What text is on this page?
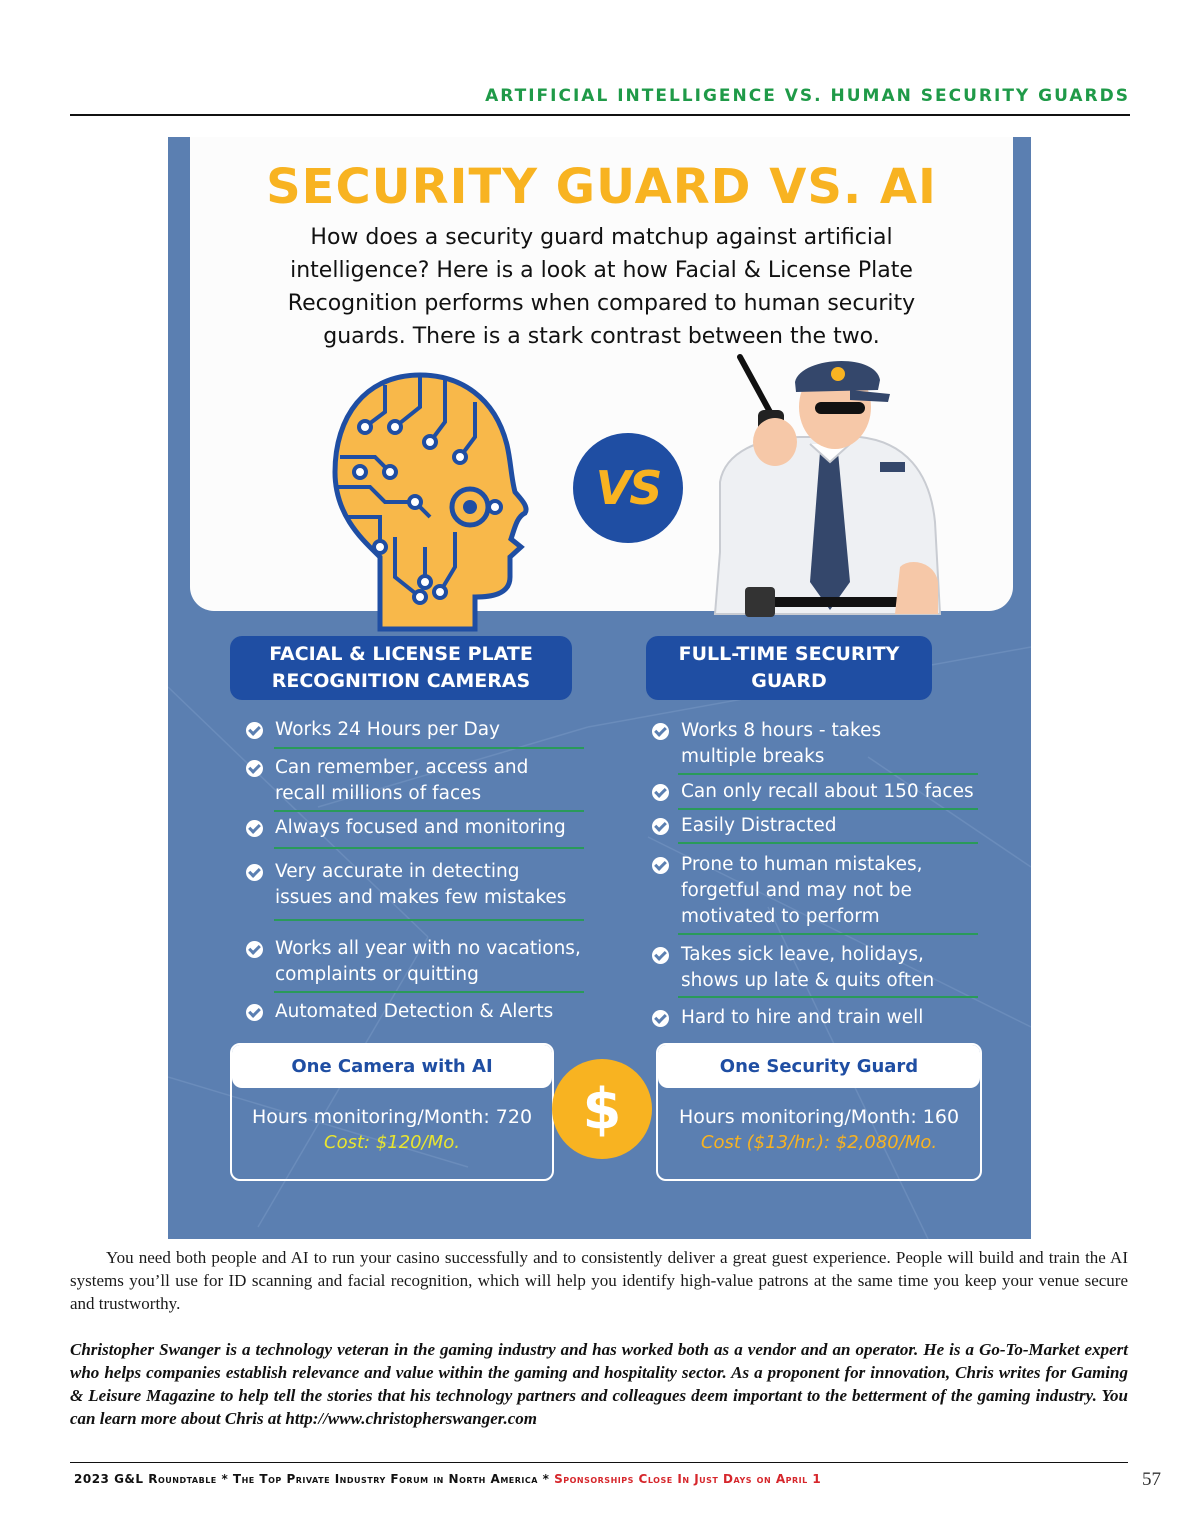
ARTIFICIAL INTELLIGENCE VS. HUMAN SECURITY GUARDS
SECURITY GUARD VS. AI
How does a security guard matchup against artificial intelligence? Here is a look at how Facial & License Plate Recognition performs when compared to human security guards. There is a stark contrast between the two.
VS
FACIAL & LICENSE PLATE
RECOGNITION CAMERAS
FULL-TIME SECURITY
GUARD
Works 24 Hours per Day
Can remember, access and recall millions of faces
Always focused and monitoring
Very accurate in detecting issues and makes few mistakes
Works all year with no vacations, complaints or quitting
Automated Detection & Alerts
Works 8 hours - takes multiple breaks
Can only recall about 150 faces
Easily Distracted
Prone to human mistakes, forgetful and may not be motivated to perform
Takes sick leave, holidays, shows up late & quits often
Hard to hire and train well
One Camera with AI
Hours monitoring/Month: 720
Cost: $120/Mo.
$
One Security Guard
Hours monitoring/Month: 160
Cost ($13/hr.): $2,080/Mo.
You need both people and AI to run your casino successfully and to consistently deliver a great guest experience. People will build and train the AI systems you’ll use for ID scanning and facial recognition, which will help you identify high-value patrons at the same time you keep your venue secure and trustworthy.
Christopher Swanger is a technology veteran in the gaming industry and has worked both as a vendor and an operator. He is a Go-To-Market expert who helps companies establish relevance and value within the gaming and hospitality sector. As a proponent for innovation, Chris writes for Gaming & Leisure Magazine to help tell the stories that his technology partners and colleagues deem important to the betterment of the gaming industry. You can learn more about Chris at http://www.christopherswanger.com
2023 G&L Roundtable * The Top Private Industry Forum in North America * Sponsorships Close In Just Days on April 1	57
